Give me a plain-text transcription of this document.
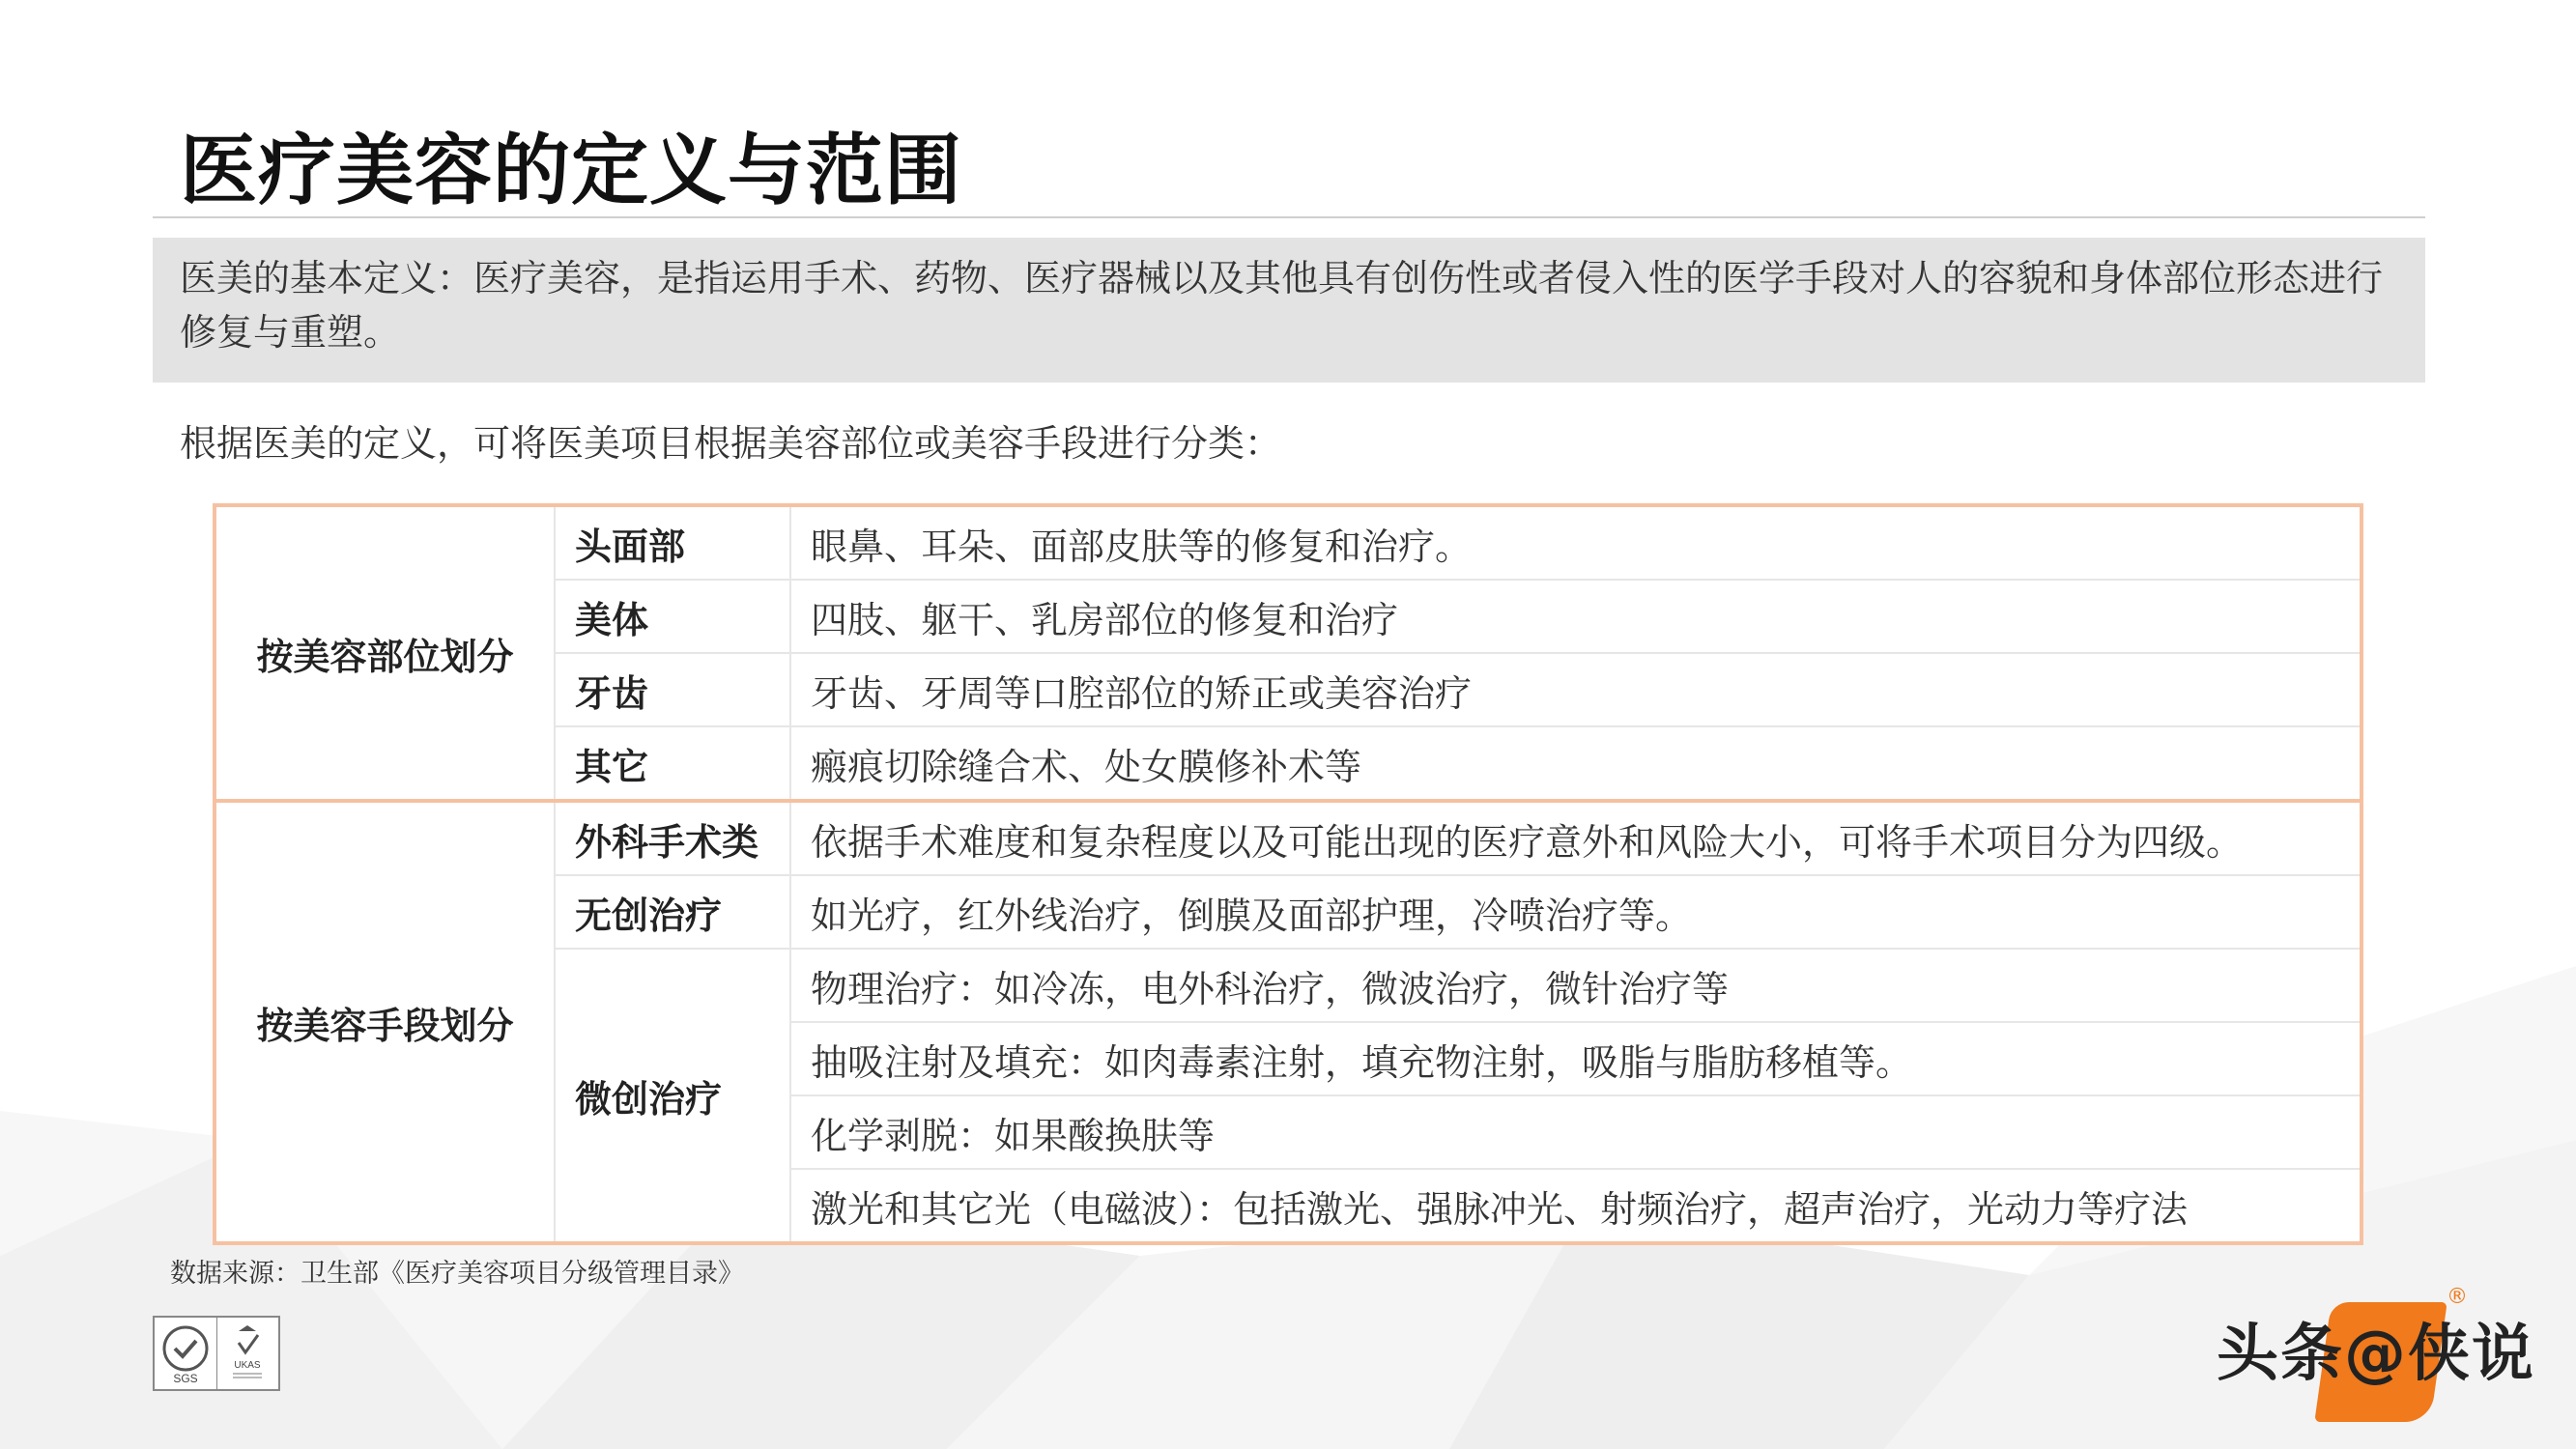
医疗美容的定义与范围

医美的基本定义：医疗美容，是指运用手术、药物、医疗器械以及其他具有创伤性或者侵入性的医学手段对人的容貌和身体部位形态进行修复与重塑。

根据医美的定义，可将医美项目根据美容部位或美容手段进行分类：

按美容部位划分	头面部	眼鼻、耳朵、面部皮肤等的修复和治疗。
	美体	四肢、躯干、乳房部位的修复和治疗
	牙齿	牙齿、牙周等口腔部位的矫正或美容治疗
	其它	瘢痕切除缝合术、处女膜修补术等
按美容手段划分	外科手术类	依据手术难度和复杂程度以及可能出现的医疗意外和风险大小，可将手术项目分为四级。
	无创治疗	如光疗，红外线治疗，倒膜及面部护理，冷喷治疗等。
	微创治疗	物理治疗：如冷冻，电外科治疗，微波治疗，微针治疗等
		抽吸注射及填充：如肉毒素注射，填充物注射，吸脂与脂肪移植等。
		化学剥脱：如果酸换肤等
		激光和其它光（电磁波）：包括激光、强脉冲光、射频治疗，超声治疗，光动力等疗法

数据来源：卫生部《医疗美容项目分级管理目录》

SGS
UKAS
®
头条@侠说
